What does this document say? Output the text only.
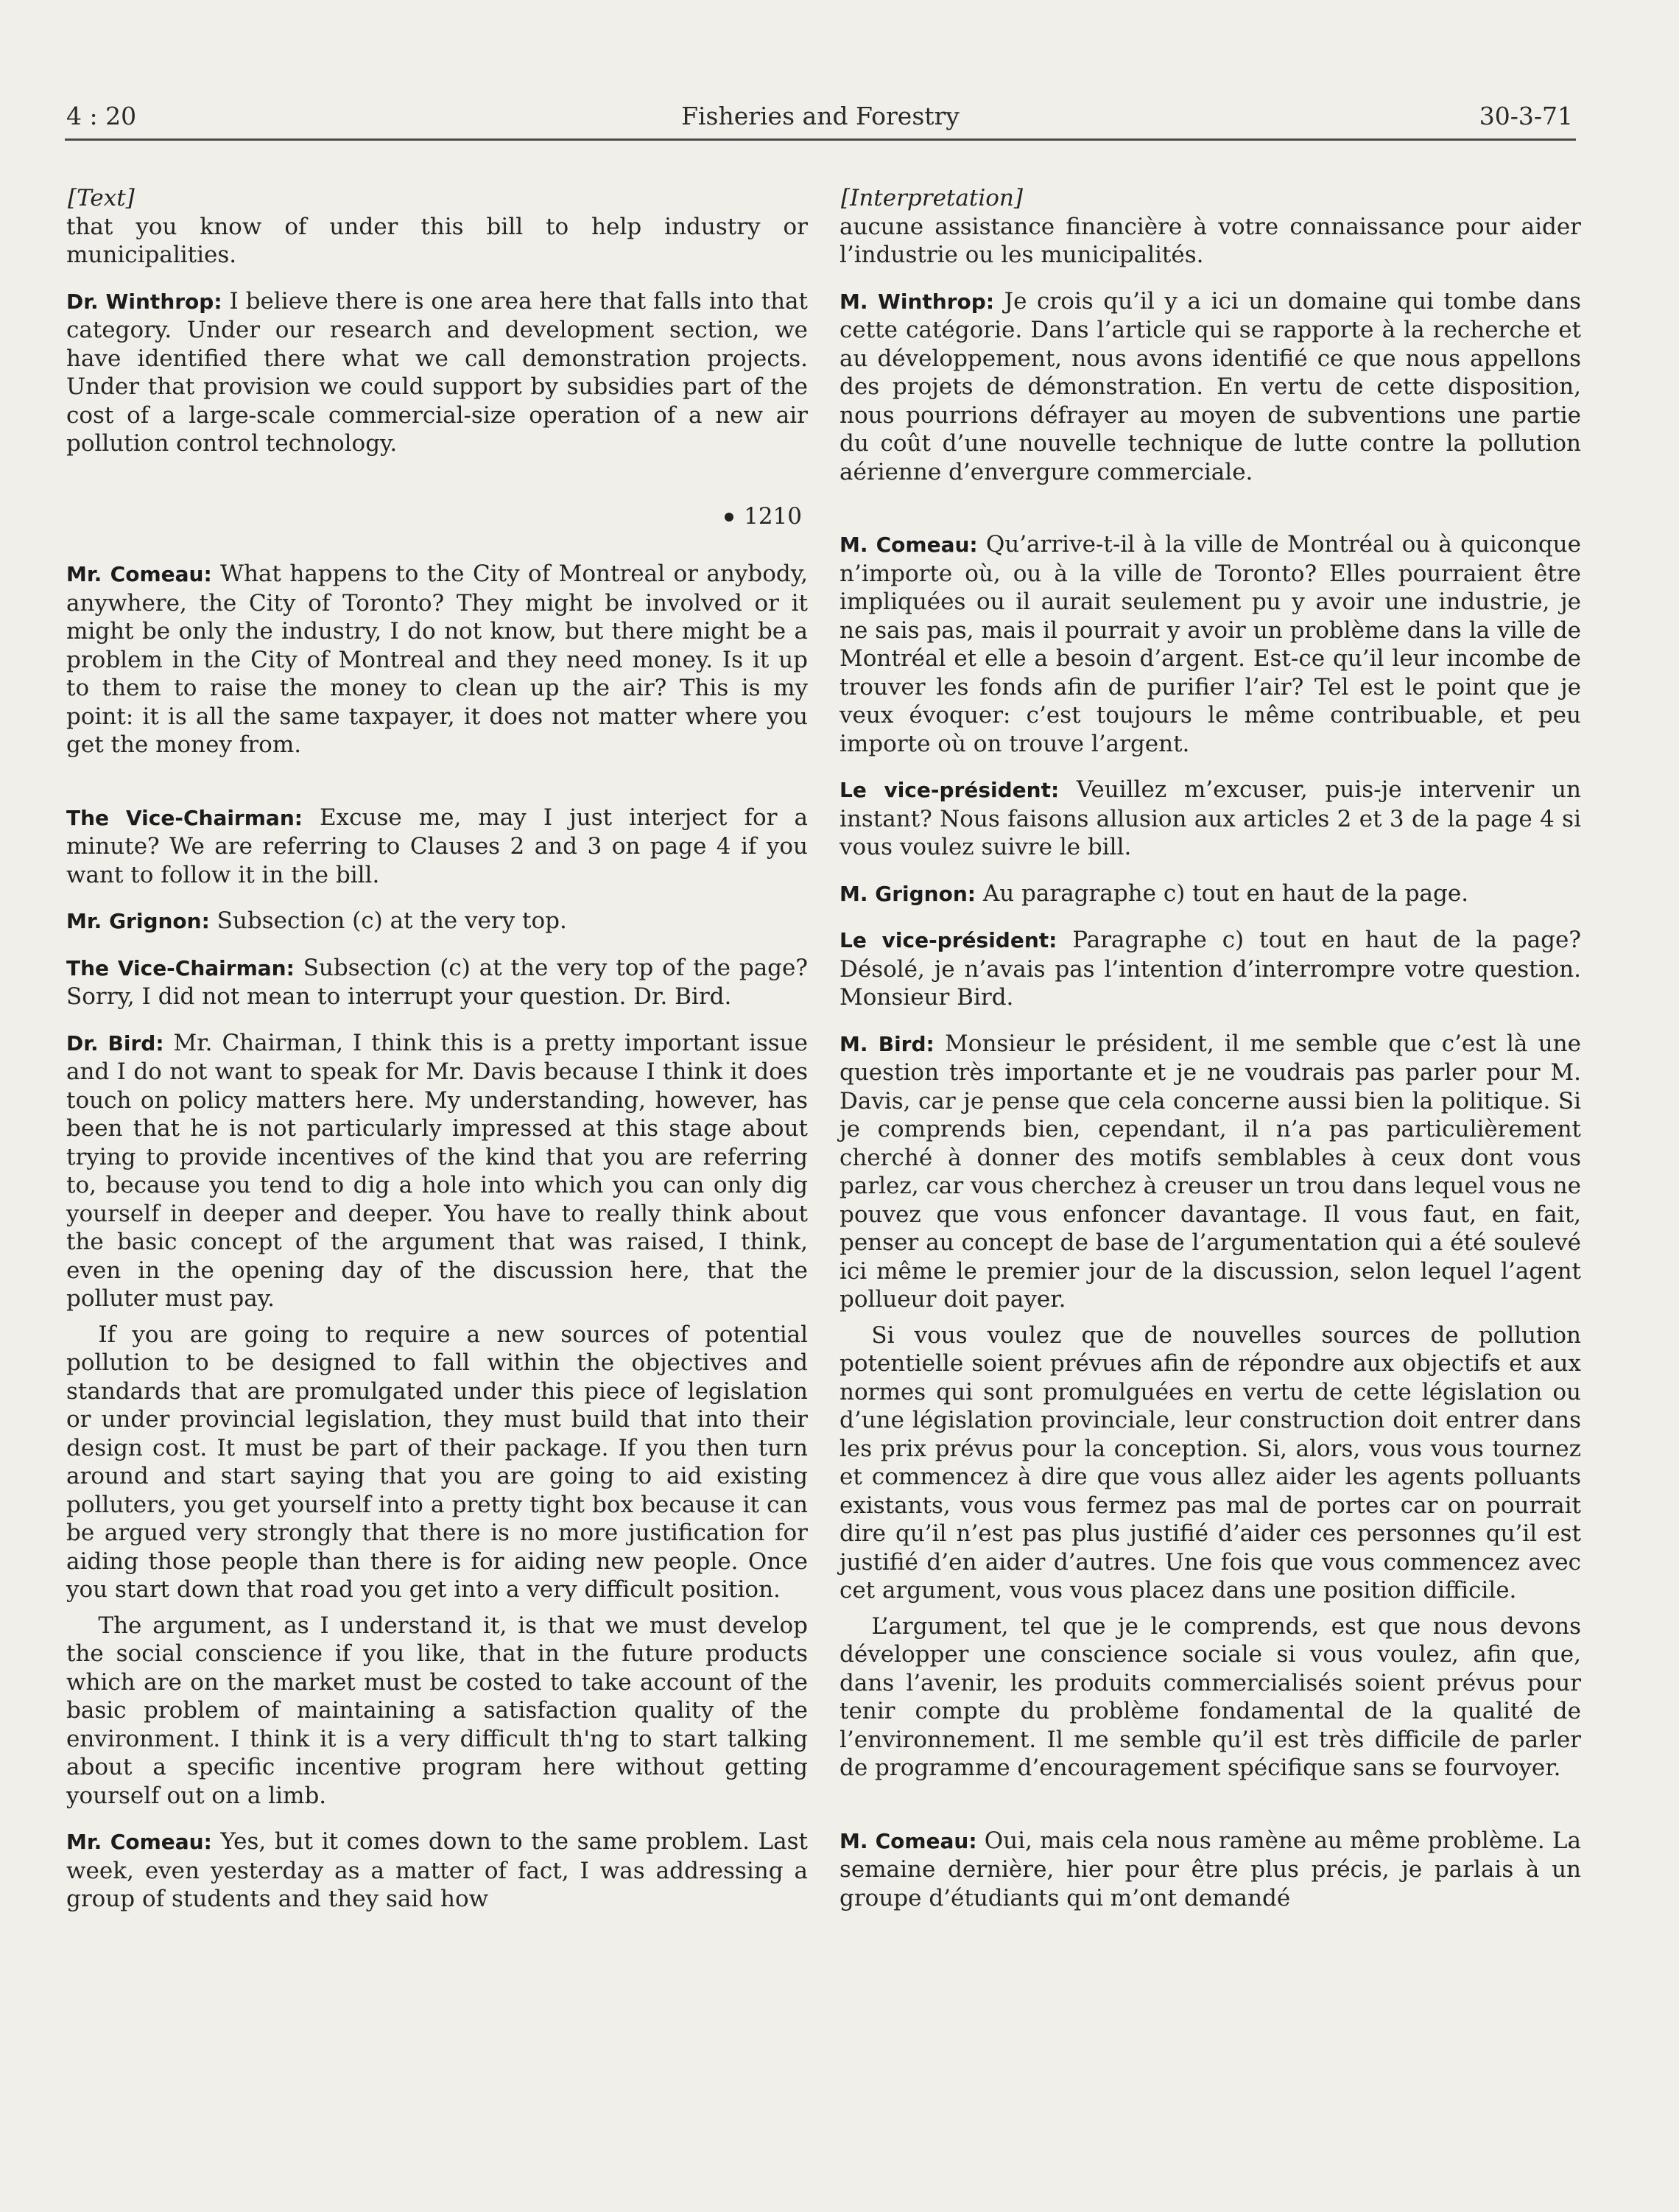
4 : 20	Fisheries and Forestry	30-3-71
[Text]

that you know of under this bill to help industry or municipalities.

Dr. Winthrop: I believe there is one area here that falls into that category. Under our research and development section, we have identified there what we call demonstration projects. Under that provision we could support by subsidies part of the cost of a large-scale commercial-size operation of a new air pollution control technology.

1210

Mr. Comeau: What happens to the City of Montreal or anybody, anywhere, the City of Toronto? They might be involved or it might be only the industry, I do not know, but there might be a problem in the City of Montreal and they need money. Is it up to them to raise the money to clean up the air? This is my point: it is all the same taxpayer, it does not matter where you get the money from.

The Vice-Chairman: Excuse me, may I just interject for a minute? We are referring to Clauses 2 and 3 on page 4 if you want to follow it in the bill.

Mr. Grignon: Subsection (c) at the very top.

The Vice-Chairman: Subsection (c) at the very top of the page? Sorry, I did not mean to interrupt your question. Dr. Bird.

Dr. Bird: Mr. Chairman, I think this is a pretty important issue and I do not want to speak for Mr. Davis because I think it does touch on policy matters here. My understanding, however, has been that he is not particularly impressed at this stage about trying to provide incentives of the kind that you are referring to, because you tend to dig a hole into which you can only dig yourself in deeper and deeper. You have to really think about the basic concept of the argument that was raised, I think, even in the opening day of the discussion here, that the polluter must pay.

If you are going to require a new sources of potential pollution to be designed to fall within the objectives and standards that are promulgated under this piece of legislation or under provincial legislation, they must build that into their design cost. It must be part of their package. If you then turn around and start saying that you are going to aid existing polluters, you get yourself into a pretty tight box because it can be argued very strongly that there is no more justification for aiding those people than there is for aiding new people. Once you start down that road you get into a very difficult position.

The argument, as I understand it, is that we must develop the social conscience if you like, that in the future products which are on the market must be costed to take account of the basic problem of maintaining a satisfaction quality of the environment. I think it is a very difficult th'ng to start talking about a specific incentive program here without getting yourself out on a limb.

Mr. Comeau: Yes, but it comes down to the same problem. Last week, even yesterday as a matter of fact, I was addressing a group of students and they said how

[Interpretation]

aucune assistance financière à votre connaissance pour aider l’industrie ou les municipalités.

M. Winthrop: Je crois qu’il y a ici un domaine qui tombe dans cette catégorie. Dans l’article qui se rapporte à la recherche et au développement, nous avons identifié ce que nous appellons des projets de démonstration. En vertu de cette disposition, nous pourrions défrayer au moyen de subventions une partie du coût d’une nouvelle technique de lutte contre la pollution aérienne d’envergure commerciale.

M. Comeau: Qu’arrive-t-il à la ville de Montréal ou à quiconque n’importe où, ou à la ville de Toronto? Elles pourraient être impliquées ou il aurait seulement pu y avoir une industrie, je ne sais pas, mais il pourrait y avoir un problème dans la ville de Montréal et elle a besoin d’argent. Est-ce qu’il leur incombe de trouver les fonds afin de purifier l’air? Tel est le point que je veux évoquer: c’est toujours le même contribuable, et peu importe où on trouve l’argent.

Le vice-président: Veuillez m’excuser, puis-je intervenir un instant? Nous faisons allusion aux articles 2 et 3 de la page 4 si vous voulez suivre le bill.

M. Grignon: Au paragraphe c) tout en haut de la page.

Le vice-président: Paragraphe c) tout en haut de la page? Désolé, je n’avais pas l’intention d’interrompre votre question. Monsieur Bird.

M. Bird: Monsieur le président, il me semble que c’est là une question très importante et je ne voudrais pas parler pour M. Davis, car je pense que cela concerne aussi bien la politique. Si je comprends bien, cependant, il n’a pas particulièrement cherché à donner des motifs semblables à ceux dont vous parlez, car vous cherchez à creuser un trou dans lequel vous ne pouvez que vous enfoncer davantage. Il vous faut, en fait, penser au concept de base de l’argumentation qui a été soulevé ici même le premier jour de la discussion, selon lequel l’agent pollueur doit payer.

Si vous voulez que de nouvelles sources de pollution potentielle soient prévues afin de répondre aux objectifs et aux normes qui sont promulguées en vertu de cette législation ou d’une législation provinciale, leur construction doit entrer dans les prix prévus pour la conception. Si, alors, vous vous tournez et commencez à dire que vous allez aider les agents polluants existants, vous vous fermez pas mal de portes car on pourrait dire qu’il n’est pas plus justifié d’aider ces personnes qu’il est justifié d’en aider d’autres. Une fois que vous commencez avec cet argument, vous vous placez dans une position difficile.

L’argument, tel que je le comprends, est que nous devons développer une conscience sociale si vous voulez, afin que, dans l’avenir, les produits commercialisés soient prévus pour tenir compte du problème fondamental de la qualité de l’environnement. Il me semble qu’il est très difficile de parler de programme d’encouragement spécifique sans se fourvoyer.

M. Comeau: Oui, mais cela nous ramène au même problème. La semaine dernière, hier pour être plus précis, je parlais à un groupe d’étudiants qui m’ont demandé
